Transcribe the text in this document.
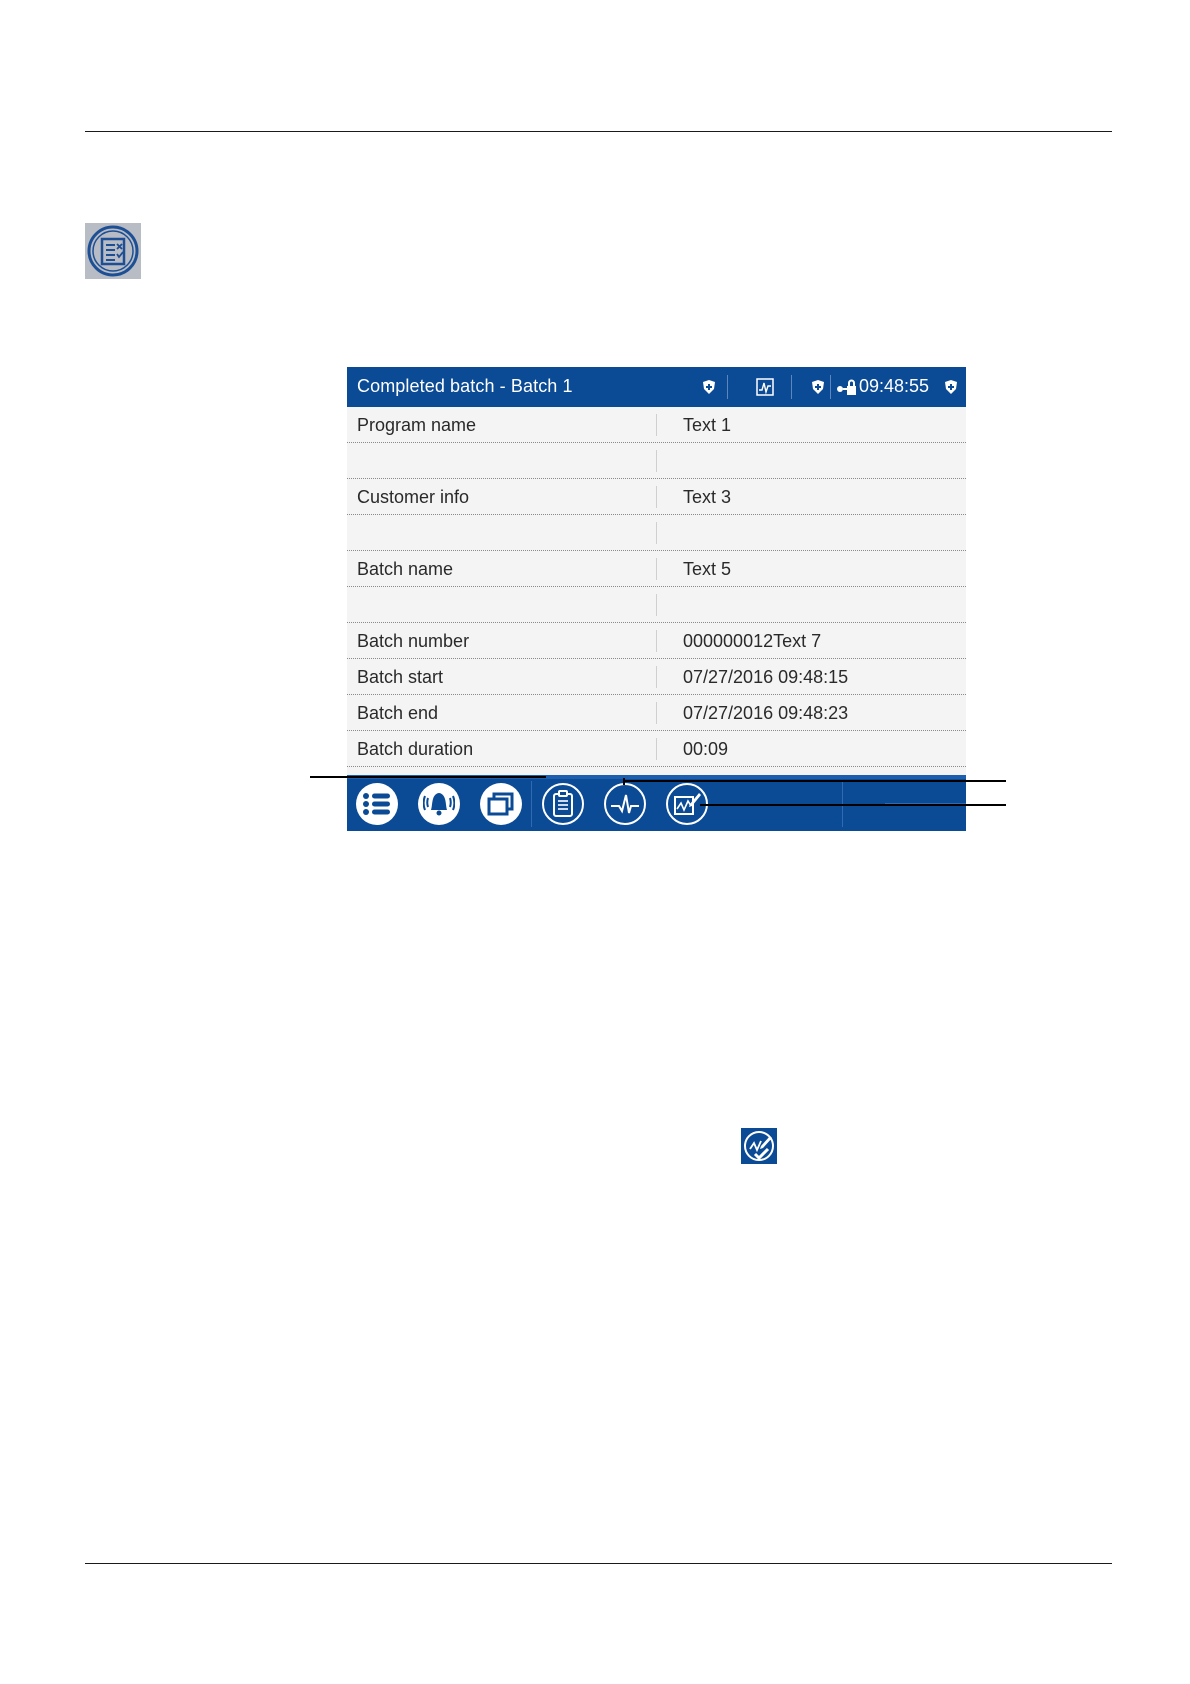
Completed batch - Batch 1	09:48:55
Program name	Text 1
Customer info	Text 3
Batch name	Text 5
Batch number	000000012Text 7
Batch start	07/27/2016 09:48:15
Batch end	07/27/2016 09:48:23
Batch duration	00:09
